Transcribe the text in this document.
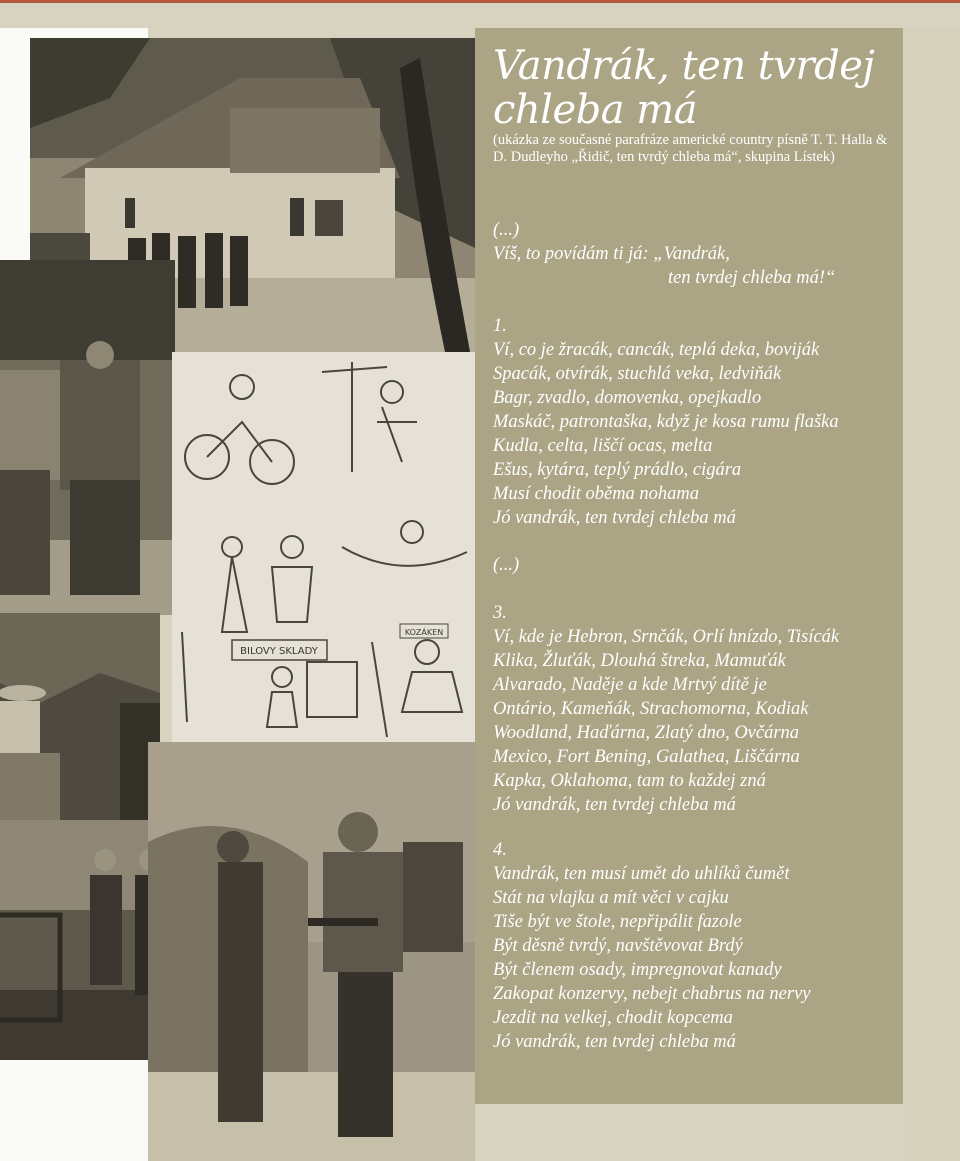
BILOVY SKLADY
KOZÁKEN
Vandrák, ten tvrdej chleba má
(ukázka ze současné parafráze americké country písně T. T. Halla & D. Dudleyho „Řidič, ten tvrdý chleba má“, skupina Lístek)
(...)
Víš, to povídám ti já: „Vandrák,
ten tvrdej chleba má!“
1.
Ví, co je žracák, cancák, teplá deka, boviják
Spacák, otvírák, stuchlá veka, ledviňák
Bagr, zvadlo, domovenka, opejkadlo
Maskáč, patrontaška, když je kosa rumu flaška
Kudla, celta, liščí ocas, melta
Ešus, kytára, teplý prádlo, cigára
Musí chodit oběma nohama
Jó vandrák, ten tvrdej chleba má
(...)
3.
Ví, kde je Hebron, Srnčák, Orlí hnízdo, Tisícák
Klika, Žluťák, Dlouhá štreka, Mamuťák
Alvarado, Naděje a kde Mrtvý dítě je
Ontário, Kameňák, Strachomorna, Kodiak
Woodland, Haďárna, Zlatý dno, Ovčárna
Mexico, Fort Bening, Galathea, Liščárna
Kapka, Oklahoma, tam to každej zná
Jó vandrák, ten tvrdej chleba má
4.
Vandrák, ten musí umět do uhlíků čumět
Stát na vlajku a mít věci v cajku
Tiše být ve štole, nepřipálit fazole
Být děsně tvrdý, navštěvovat Brdý
Být členem osady, impregnovat kanady
Zakopat konzervy, nebejt chabrus na nervy
Jezdit na velkej, chodit kopcema
Jó vandrák, ten tvrdej chleba má
